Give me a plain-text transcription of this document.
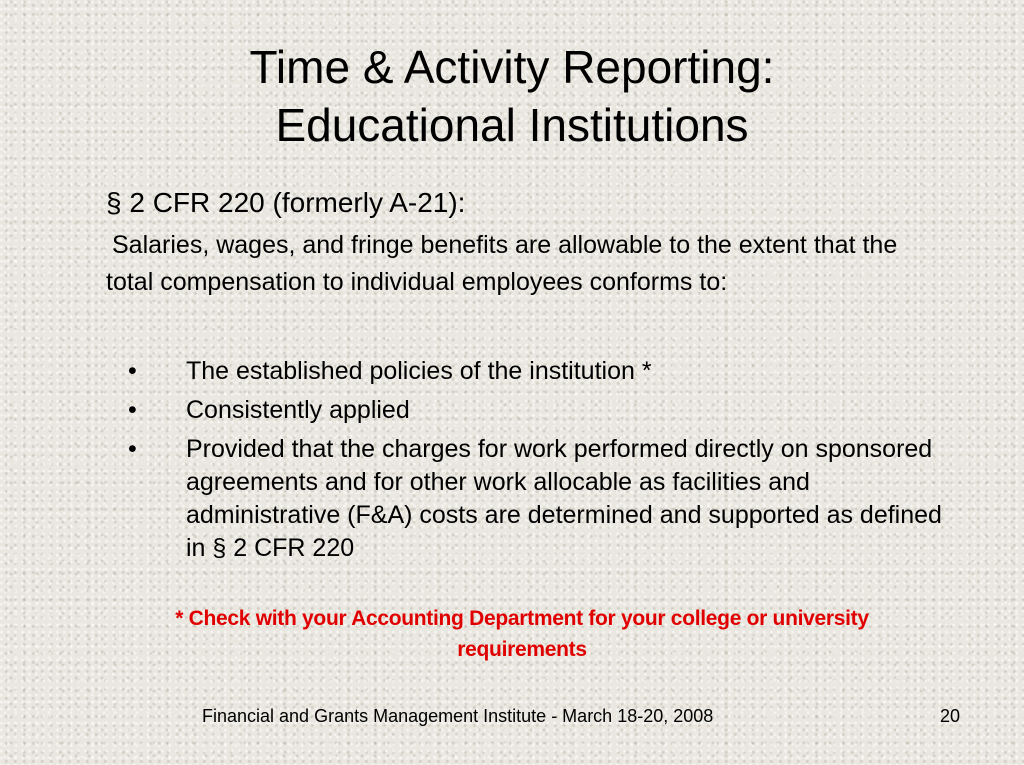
Time & Activity Reporting:
Educational Institutions
§ 2 CFR 220 (formerly A-21):
Salaries, wages, and fringe benefits are allowable to the extent that the total compensation to individual employees conforms to:
•	The established policies of the institution *
•	Consistently applied
•	Provided that the charges for work performed directly on sponsored agreements and for other work allocable as facilities and administrative (F&A) costs are determined and supported as defined in § 2 CFR 220
* Check with your Accounting Department for your college or university requirements
Financial and Grants Management Institute - March 18-20, 2008	20
